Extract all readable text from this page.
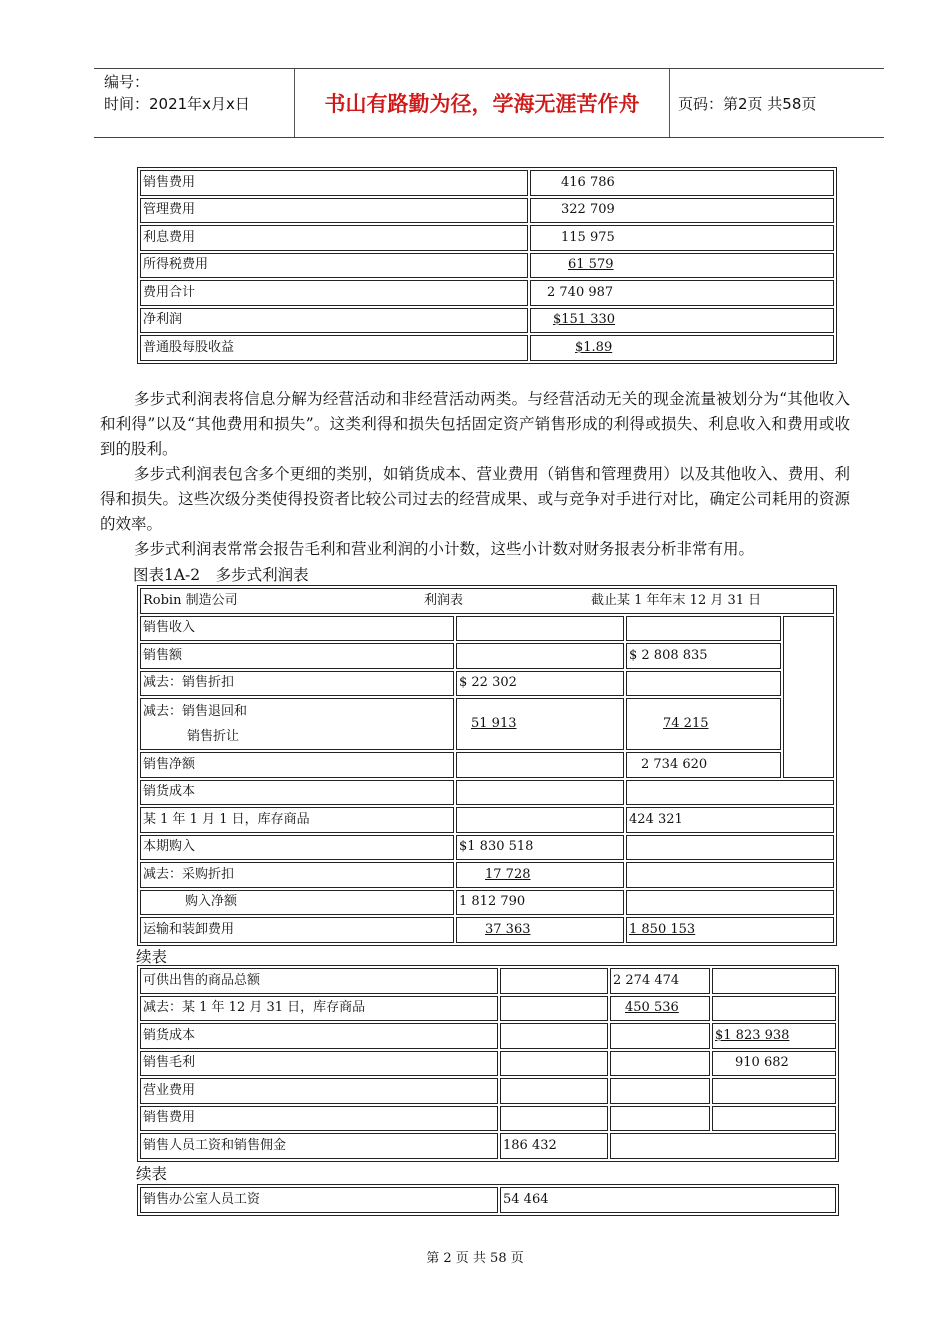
编号：
时间：2021年x月x日	书山有路勤为径，学海无涯苦作舟	页码：第2页 共58页
销售费用	416 786
管理费用	322 709
利息费用	115 975
所得税费用	61 579
费用合计	2 740 987
净利润	$151 330
普通股每股收益	$1.89

多步式利润表将信息分解为经营活动和非经营活动两类。与经营活动无关的现金流量被划分为“其他收入和利得”以及“其他费用和损失”。这类利得和损失包括固定资产销售形成的利得或损失、利息收入和费用或收到的股利。

多步式利润表包含多个更细的类别，如销货成本、营业费用（销售和管理费用）以及其他收入、费用、利得和损失。这些次级分类使得投资者比较公司过去的经营成果、或与竞争对手进行对比，确定公司耗用的资源的效率。

多步式利润表常常会报告毛利和营业利润的小计数，这些小计数对财务报表分析非常有用。

图表1A-2　多步式利润表

Robin 制造公司 利润表 截止某 1 年年末 12 月 31 日			

销售收入			
销售额		$ 2 808 835	
减去：销售折扣	$ 22 302		

减去：销售退回和
销售折让	51 913	74 215	
销售净额		2 734 620	
销货成本			
某 1 年 1 月 1 日，库存商品		424 321	
本期购入	$1 830 518		
减去：采购折扣	17 728		
购入净额	1 812 790		
运输和装卸费用	37 363	1 850 153	

续表

可供出售的商品总额		2 274 474	
减去：某 1 年 12 月 31 日，库存商品		450 536	
销货成本			$1 823 938
销售毛利			910 682
营业费用			
销售费用			
销售人员工资和销售佣金	186 432		

续表

销售办公室人员工资	54 464
第 2 页 共 58 页
